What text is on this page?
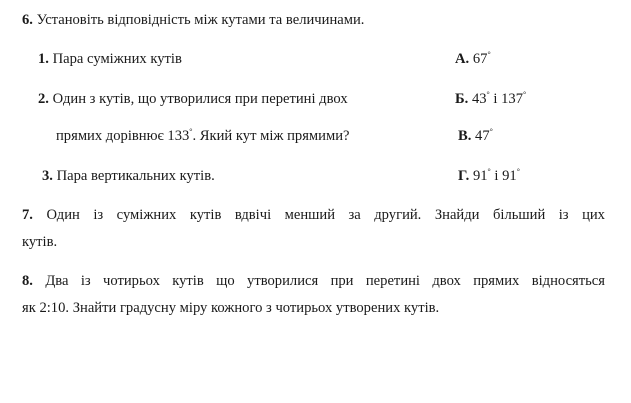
6. Установіть відповідність між кутами та величинами.
1. Пара суміжних кутів	А. 67°
2. Один з кутів, що утворилися при перетині двох	Б. 43° і 137°
прямих дорівнює 133°. Який кут між прямими?	В. 47°
3. Пара вертикальних кутів.	Г. 91° і 91°
7. Один із суміжних кутів вдвічі менший за другий. Знайди більший із цих
кутів.
8. Два із чотирьох кутів що утворилися при перетині двох прямих відносяться
як 2:10. Знайти градусну міру кожного з чотирьох утворених кутів.
